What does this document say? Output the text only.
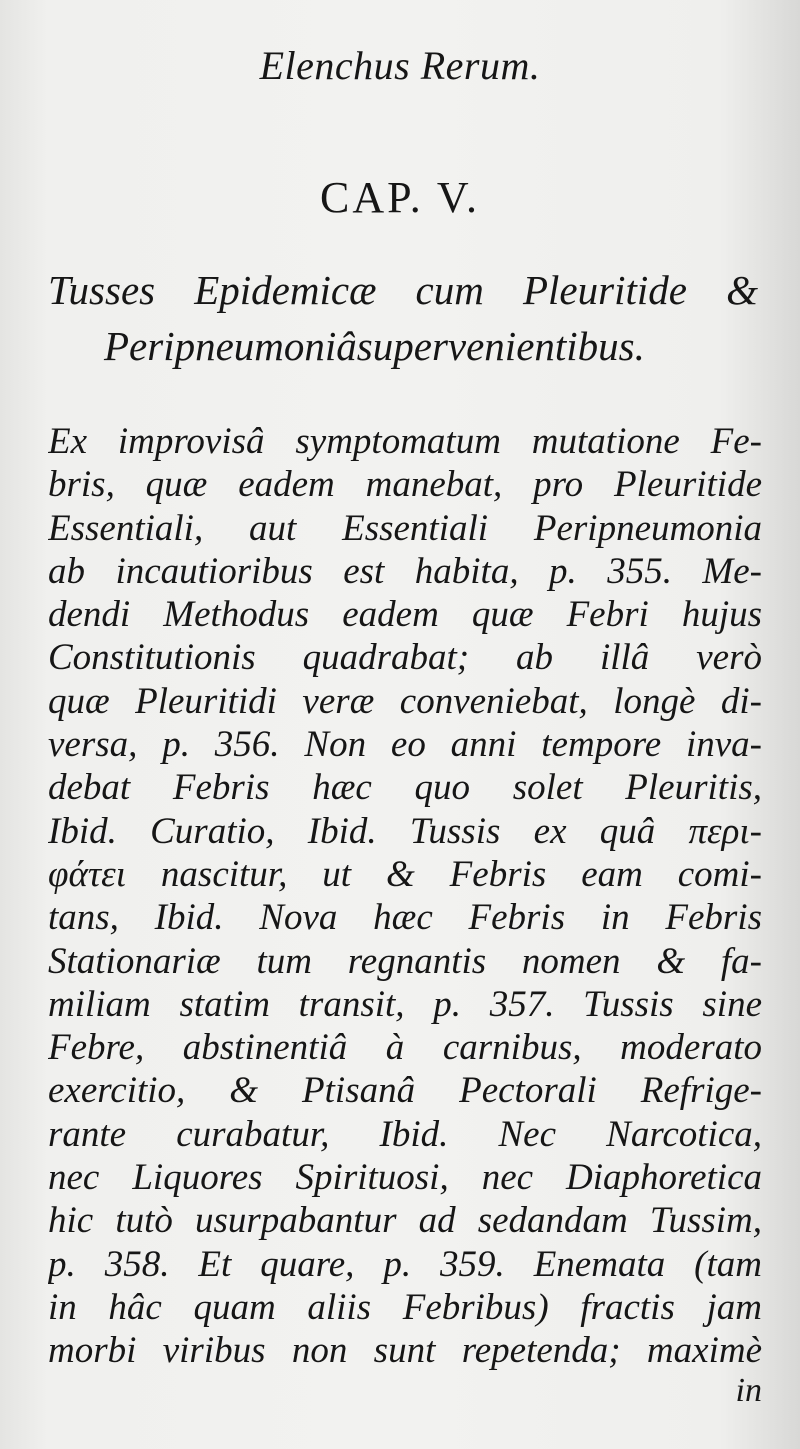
Elenchus Rerum.
CAP. V.
Tusses Epidemicæ cum Pleuritide &
Peripneumoniâ supervenientibus.
Ex improvisâ symptomatum mutatione Fe-
bris, quæ eadem manebat, pro Pleuritide
Essentiali, aut Essentiali Peripneumonia
ab incautioribus est habita, p. 355. Me-
dendi Methodus eadem quæ Febri hujus
Constitutionis quadrabat; ab illâ verò
quæ Pleuritidi veræ conveniebat, longè di-
versa, p. 356. Non eo anni tempore inva-
debat Febris hæc quo solet Pleuritis,
Ibid. Curatio, Ibid. Tussis ex quâ περι-
φάτει nascitur, ut & Febris eam comi-
tans, Ibid. Nova hæc Febris in Febris
Stationariæ tum regnantis nomen & fa-
miliam statim transit, p. 357. Tussis sine
Febre, abstinentiâ à carnibus, moderato
exercitio, & Ptisanâ Pectorali Refrige-
rante curabatur, Ibid. Nec Narcotica,
nec Liquores Spirituosi, nec Diaphoretica
hic tutò usurpabantur ad sedandam Tussim,
p. 358. Et quare, p. 359. Enemata (tam
in hâc quam aliis Febribus) fractis jam
morbi viribus non sunt repetenda; maximè
in
